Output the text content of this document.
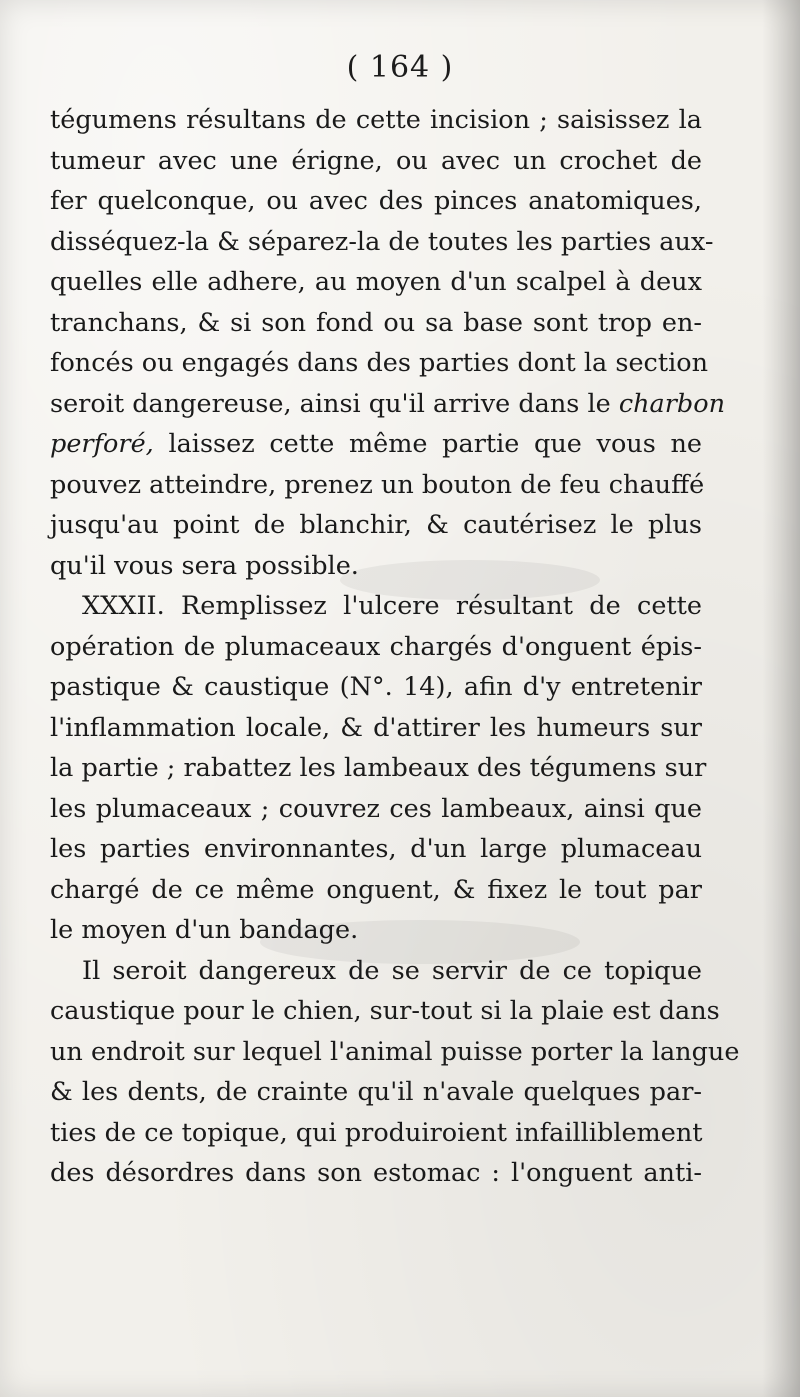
( 164 )
tégumens résultans de cette incision ; saisissez la
tumeur avec une érigne, ou avec un crochet de
fer quelconque, ou avec des pinces anatomiques,
disséquez-la & séparez-la de toutes les parties aux-
quelles elle adhere, au moyen d'un scalpel à deux
tranchans, & si son fond ou sa base sont trop en-
foncés ou engagés dans des parties dont la section
seroit dangereuse, ainsi qu'il arrive dans le charbon
perforé, laissez cette même partie que vous ne
pouvez atteindre, prenez un bouton de feu chauffé
jusqu'au point de blanchir, & cautérisez le plus
qu'il vous sera possible.
XXXII. Remplissez l'ulcere résultant de cette
opération de plumaceaux chargés d'onguent épis-
pastique & caustique (N°. 14), afin d'y entretenir
l'inflammation locale, & d'attirer les humeurs sur
la partie ; rabattez les lambeaux des tégumens sur
les plumaceaux ; couvrez ces lambeaux, ainsi que
les parties environnantes, d'un large plumaceau
chargé de ce même onguent, & fixez le tout par
le moyen d'un bandage.
Il seroit dangereux de se servir de ce topique
caustique pour le chien, sur-tout si la plaie est dans
un endroit sur lequel l'animal puisse porter la langue
& les dents, de crainte qu'il n'avale quelques par-
ties de ce topique, qui produiroient infailliblement
des désordres dans son estomac : l'onguent anti-
